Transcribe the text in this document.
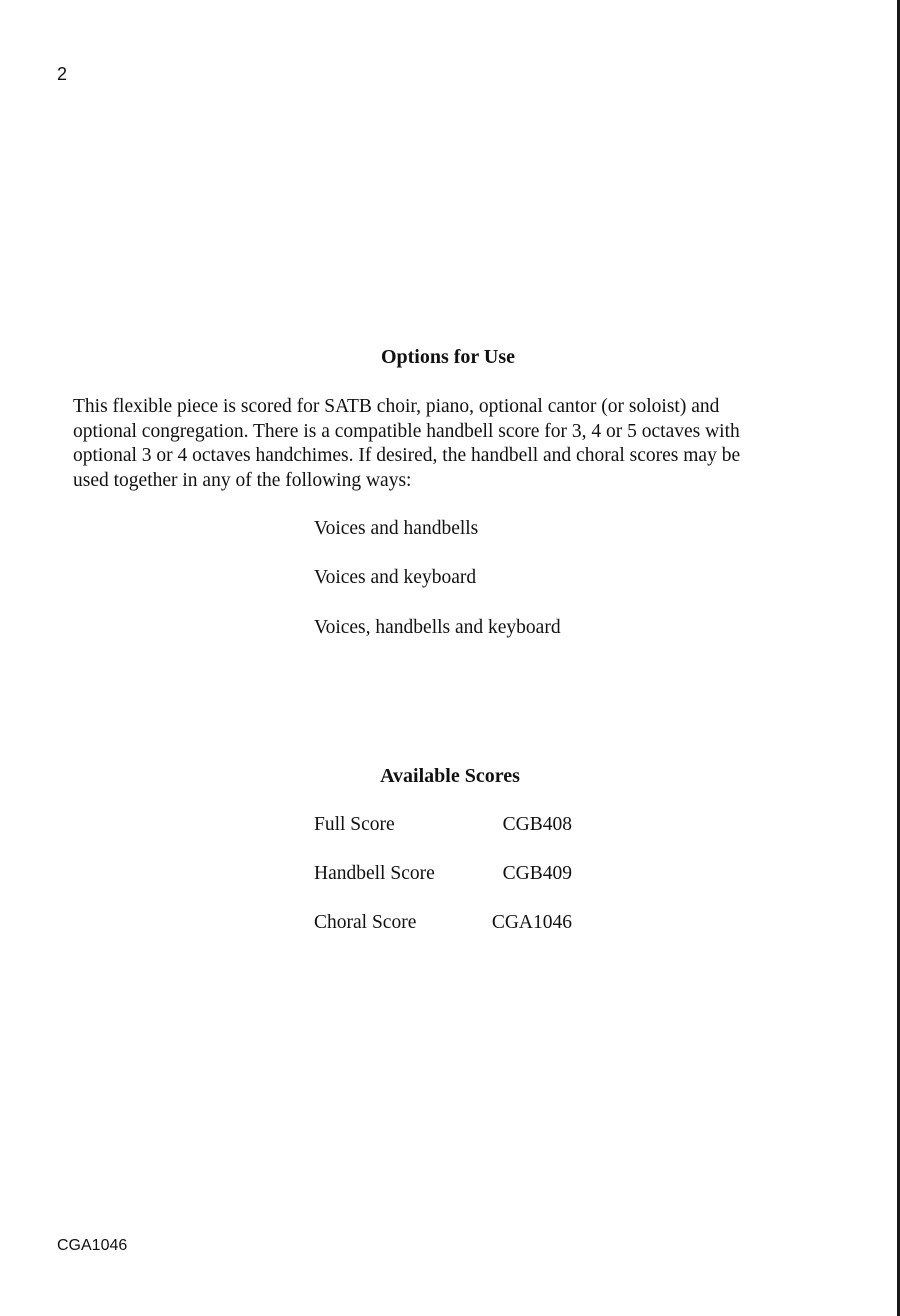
2
Options for Use
This flexible piece is scored for SATB choir, piano, optional cantor (or soloist) and
optional congregation. There is a compatible handbell score for 3, 4 or 5 octaves with
optional 3 or 4 octaves handchimes. If desired, the handbell and choral scores may be
used together in any of the following ways:
Voices and handbells
Voices and keyboard
Voices, handbells and keyboard
Available Scores
Full Score	CGB408
Handbell Score	CGB409
Choral Score	CGA1046
CGA1046
